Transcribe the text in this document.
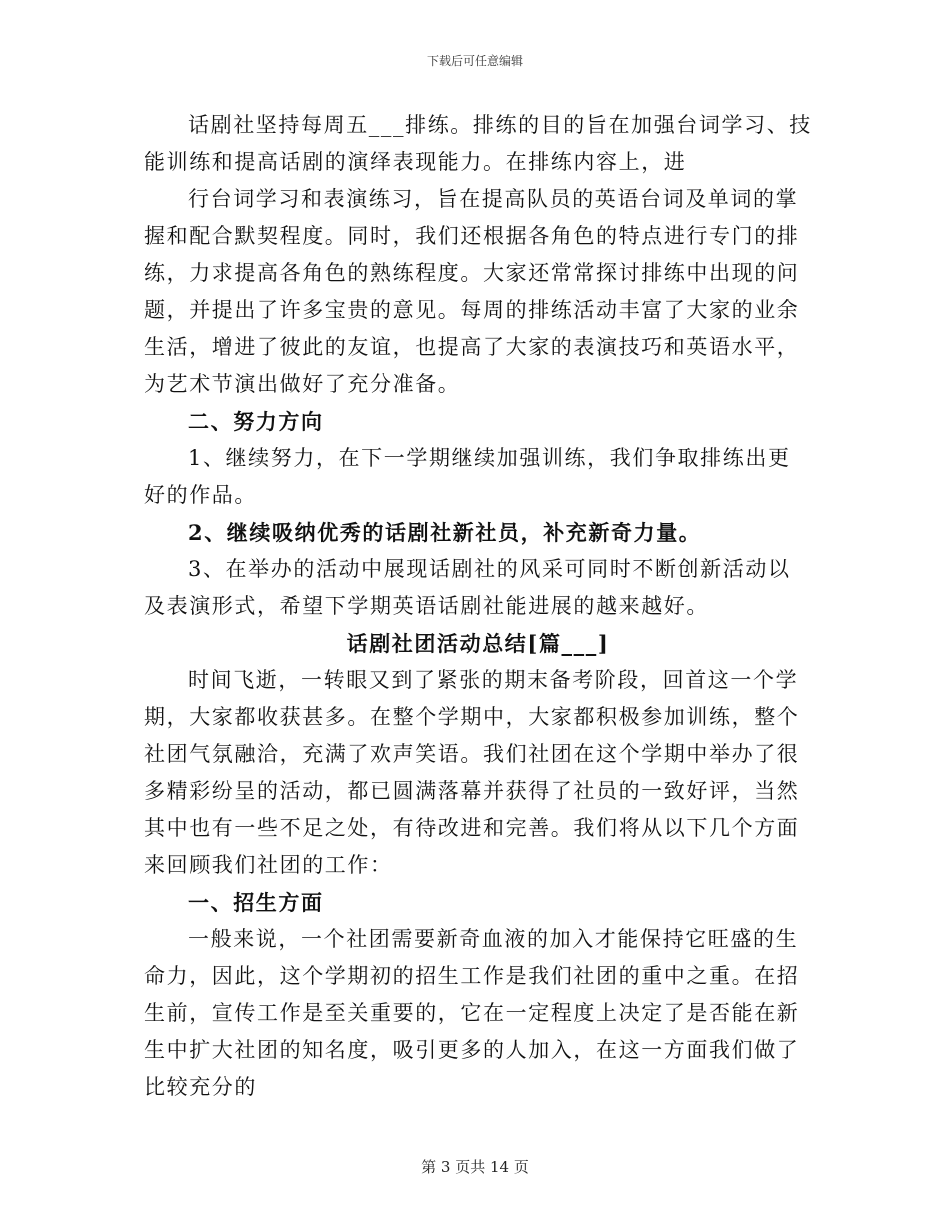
下载后可任意编辑

话剧社坚持每周五___排练。排练的目的旨在加强台词学习、技能训练和提高话剧的演绎表现能力。在排练内容上，进

行台词学习和表演练习，旨在提高队员的英语台词及单词的掌握和配合默契程度。同时，我们还根据各角色的特点进行专门的排练，力求提高各角色的熟练程度。大家还常常探讨排练中出现的问题，并提出了许多宝贵的意见。每周的排练活动丰富了大家的业余生活，增进了彼此的友谊，也提高了大家的表演技巧和英语水平，为艺术节演出做好了充分准备。

二、努力方向

1、继续努力，在下一学期继续加强训练，我们争取排练出更好的作品。

2、继续吸纳优秀的话剧社新社员，补充新奇力量。

3、在举办的活动中展现话剧社的风采可同时不断创新活动以及表演形式，希望下学期英语话剧社能进展的越来越好。

话剧社团活动总结[篇___]

时间飞逝，一转眼又到了紧张的期末备考阶段，回首这一个学期，大家都收获甚多。在整个学期中，大家都积极参加训练，整个社团气氛融洽，充满了欢声笑语。我们社团在这个学期中举办了很多精彩纷呈的活动，都已圆满落幕并获得了社员的一致好评，当然其中也有一些不足之处，有待改进和完善。我们将从以下几个方面来回顾我们社团的工作：

一、招生方面

一般来说，一个社团需要新奇血液的加入才能保持它旺盛的生命力，因此，这个学期初的招生工作是我们社团的重中之重。在招生前，宣传工作是至关重要的，它在一定程度上决定了是否能在新生中扩大社团的知名度，吸引更多的人加入，在这一方面我们做了比较充分的

第 3 页共 14 页
